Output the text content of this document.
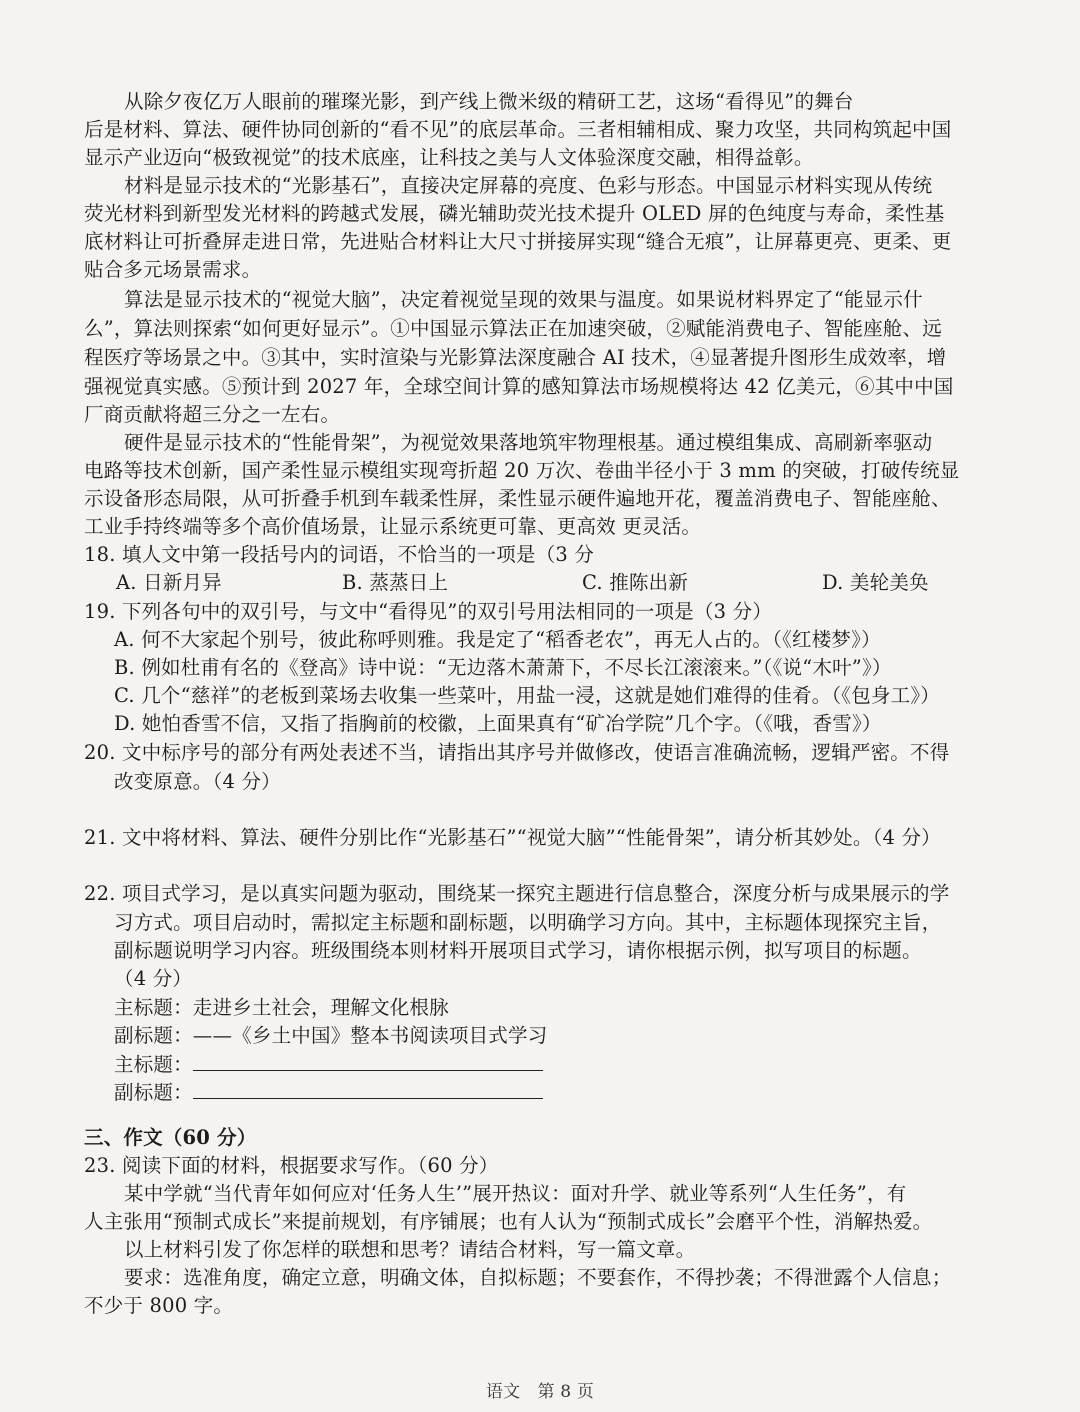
从除夕夜亿万人眼前的璀璨光影，到产线上微米级的精研工艺，这场“看得见”的舞台
后是材料、算法、硬件协同创新的“看不见”的底层革命。三者相辅相成、聚力攻坚，共同构筑起中国
显示产业迈向“极致视觉”的技术底座，让科技之美与人文体验深度交融，相得益彰。
材料是显示技术的“光影基石”，直接决定屏幕的亮度、色彩与形态。中国显示材料实现从传统
荧光材料到新型发光材料的跨越式发展，磷光辅助荧光技术提升 OLED 屏的色纯度与寿命，柔性基
底材料让可折叠屏走进日常，先进贴合材料让大尺寸拼接屏实现“缝合无痕”，让屏幕更亮、更柔、更
贴合多元场景需求。
算法是显示技术的“视觉大脑”，决定着视觉呈现的效果与温度。如果说材料界定了“能显示什
么”，算法则探索“如何更好显示”。①中国显示算法正在加速突破，②赋能消费电子、智能座舱、远
程医疗等场景之中。③其中，实时渲染与光影算法深度融合 AI 技术，④显著提升图形生成效率，增
强视觉真实感。⑤预计到 2027 年，全球空间计算的感知算法市场规模将达 42 亿美元，⑥其中中国
厂商贡献将超三分之一左右。
硬件是显示技术的“性能骨架”，为视觉效果落地筑牢物理根基。通过模组集成、高刷新率驱动
电路等技术创新，国产柔性显示模组实现弯折超 20 万次、卷曲半径小于 3 mm 的突破，打破传统显
示设备形态局限，从可折叠手机到车载柔性屏，柔性显示硬件遍地开花，覆盖消费电子、智能座舱、
工业手持终端等多个高价值场景，让显示系统更可靠、更高效 更灵活。
18. 填人文中第一段括号内的词语，不恰当的一项是（3 分
A. 日新月异	B. 蒸蒸日上	C. 推陈出新	D. 美轮美奂
19. 下列各句中的双引号，与文中“看得见”的双引号用法相同的一项是（3 分）
A. 何不大家起个别号，彼此称呼则雅。我是定了“稻香老农”，再无人占的。（《红楼梦》）
B. 例如杜甫有名的《登高》诗中说：“无边落木萧萧下，不尽长江滚滚来。”（《说“木叶”》）
C. 几个“慈祥”的老板到菜场去收集一些菜叶，用盐一浸，这就是她们难得的佳肴。（《包身工》）
D. 她怕香雪不信，又指了指胸前的校徽，上面果真有“矿冶学院”几个字。（《哦，香雪》）
20. 文中标序号的部分有两处表述不当，请指出其序号并做修改，使语言准确流畅，逻辑严密。不得
改变原意。（4 分）
21. 文中将材料、算法、硬件分别比作“光影基石”“视觉大脑”“性能骨架”，请分析其妙处。（4 分）
22. 项目式学习，是以真实问题为驱动，围绕某一探究主题进行信息整合，深度分析与成果展示的学
习方式。项目启动时，需拟定主标题和副标题，以明确学习方向。其中，主标题体现探究主旨，
副标题说明学习内容。班级围绕本则材料开展项目式学习，请你根据示例，拟写项目的标题。
（4 分）
主标题：走进乡土社会，理解文化根脉
副标题：——《乡土中国》整本书阅读项目式学习
主标题：
副标题：
三、作文（60 分）
23. 阅读下面的材料，根据要求写作。（60 分）
某中学就“当代青年如何应对‘任务人生’”展开热议：面对升学、就业等系列“人生任务”，有
人主张用“预制式成长”来提前规划，有序铺展；也有人认为“预制式成长”会磨平个性，消解热爱。
以上材料引发了你怎样的联想和思考？请结合材料，写一篇文章。
要求：选准角度，确定立意，明确文体，自拟标题；不要套作，不得抄袭；不得泄露个人信息；
不少于 800 字。
语文　第 8 页
